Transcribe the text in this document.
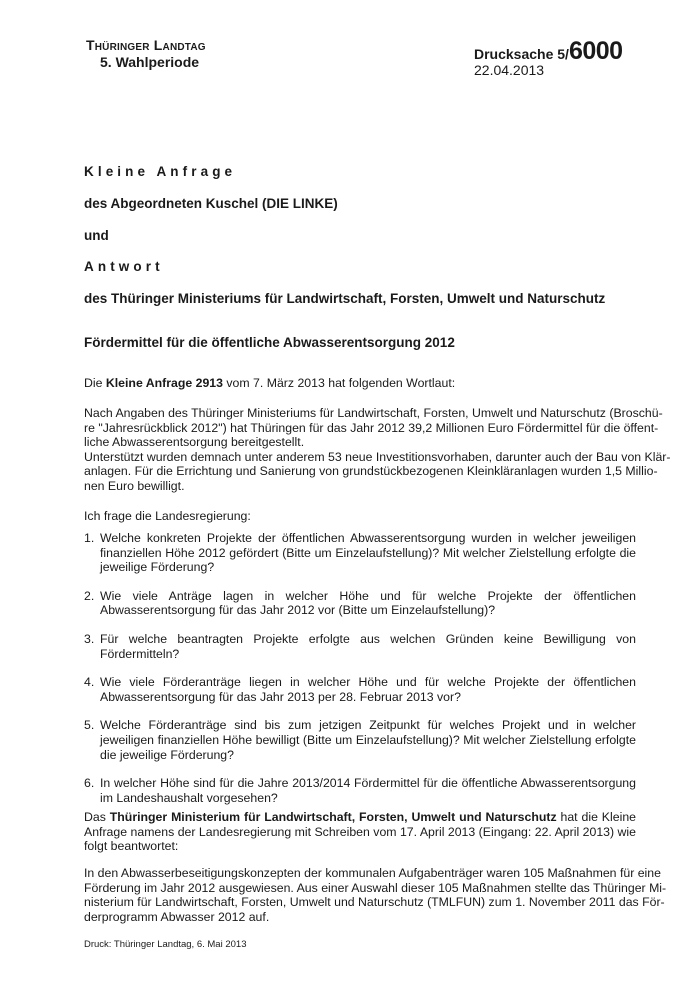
Thüringer Landtag
5. Wahlperiode	Drucksache 5/6000
22.04.2013
Kleine Anfrage
des Abgeordneten Kuschel (DIE LINKE)
und
Antwort
des Thüringer Ministeriums für Landwirtschaft, Forsten, Umwelt und Naturschutz
Fördermittel für die öffentliche Abwasserentsorgung 2012
Die Kleine Anfrage 2913 vom 7. März 2013 hat folgenden Wortlaut:
Nach Angaben des Thüringer Ministeriums für Landwirtschaft, Forsten, Umwelt und Naturschutz (Broschü-
re "Jahresrückblick 2012") hat Thüringen für das Jahr 2012 39,2 Millionen Euro Fördermittel für die öffent-
liche Abwasserentsorgung bereitgestellt.
Unterstützt wurden demnach unter anderem 53 neue Investitionsvorhaben, darunter auch der Bau von Klär-
anlagen. Für die Errichtung und Sanierung von grundstückbezogenen Kleinkläranlagen wurden 1,5 Millio-
nen Euro bewilligt.
Ich frage die Landesregierung:
1. Welche konkreten Projekte der öffentlichen Abwasserentsorgung wurden in welcher jeweiligen finanziellen Höhe 2012 gefördert (Bitte um Einzelaufstellung)? Mit welcher Zielstellung erfolgte die jeweilige Förderung?
2. Wie viele Anträge lagen in welcher Höhe und für welche Projekte der öffentlichen Abwasserentsorgung für das Jahr 2012 vor (Bitte um Einzelaufstellung)?
3. Für welche beantragten Projekte erfolgte aus welchen Gründen keine Bewilligung von Fördermitteln?
4. Wie viele Förderanträge liegen in welcher Höhe und für welche Projekte der öffentlichen Abwasserentsorgung für das Jahr 2013 per 28. Februar 2013 vor?
5. Welche Förderanträge sind bis zum jetzigen Zeitpunkt für welches Projekt und in welcher jeweiligen finanziellen Höhe bewilligt (Bitte um Einzelaufstellung)? Mit welcher Zielstellung erfolgte die jeweilige Förderung?
6. In welcher Höhe sind für die Jahre 2013/2014 Fördermittel für die öffentliche Abwasserentsorgung im Landeshaushalt vorgesehen?
Das Thüringer Ministerium für Landwirtschaft, Forsten, Umwelt und Naturschutz hat die Kleine Anfrage namens der Landesregierung mit Schreiben vom 17. April 2013 (Eingang: 22. April 2013) wie folgt beantwortet:
In den Abwasserbeseitigungskonzepten der kommunalen Aufgabenträger waren 105 Maßnahmen für eine
Förderung im Jahr 2012 ausgewiesen. Aus einer Auswahl dieser 105 Maßnahmen stellte das Thüringer Mi-
nisterium für Landwirtschaft, Forsten, Umwelt und Naturschutz (TMLFUN) zum 1. November 2011 das För-
derprogramm Abwasser 2012 auf.
Druck: Thüringer Landtag, 6. Mai 2013
